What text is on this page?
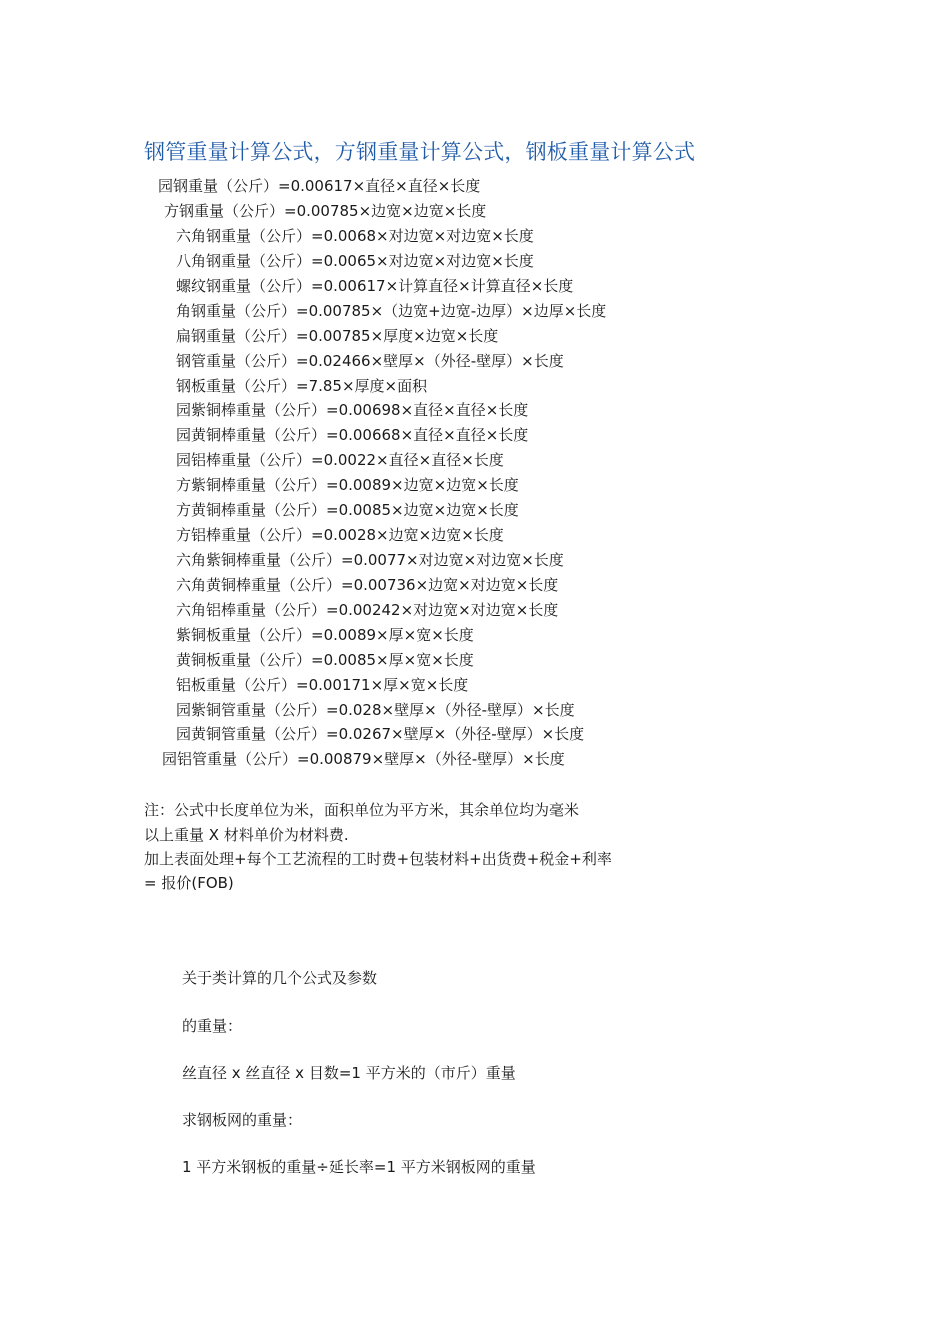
钢管重量计算公式，方钢重量计算公式，钢板重量计算公式
园钢重量（公斤）=0.00617×直径×直径×长度
方钢重量（公斤）=0.00785×边宽×边宽×长度
六角钢重量（公斤）=0.0068×对边宽×对边宽×长度
八角钢重量（公斤）=0.0065×对边宽×对边宽×长度
螺纹钢重量（公斤）=0.00617×计算直径×计算直径×长度
角钢重量（公斤）=0.00785×（边宽+边宽-边厚）×边厚×长度
扁钢重量（公斤）=0.00785×厚度×边宽×长度
钢管重量（公斤）=0.02466×壁厚×（外径-壁厚）×长度
钢板重量（公斤）=7.85×厚度×面积
园紫铜棒重量（公斤）=0.00698×直径×直径×长度
园黄铜棒重量（公斤）=0.00668×直径×直径×长度
园铝棒重量（公斤）=0.0022×直径×直径×长度
方紫铜棒重量（公斤）=0.0089×边宽×边宽×长度
方黄铜棒重量（公斤）=0.0085×边宽×边宽×长度
方铝棒重量（公斤）=0.0028×边宽×边宽×长度
六角紫铜棒重量（公斤）=0.0077×对边宽×对边宽×长度
六角黄铜棒重量（公斤）=0.00736×边宽×对边宽×长度
六角铝棒重量（公斤）=0.00242×对边宽×对边宽×长度
紫铜板重量（公斤）=0.0089×厚×宽×长度
黄铜板重量（公斤）=0.0085×厚×宽×长度
铝板重量（公斤）=0.00171×厚×宽×长度
园紫铜管重量（公斤）=0.028×壁厚×（外径-壁厚）×长度
园黄铜管重量（公斤）=0.0267×壁厚×（外径-壁厚）×长度
园铝管重量（公斤）=0.00879×壁厚×（外径-壁厚）×长度
注：公式中长度单位为米，面积单位为平方米，其余单位均为毫米
以上重量 X 材料单价为材料费.
加上表面处理+每个工艺流程的工时费+包装材料+出货费+税金+利率
= 报价(FOB)
关于类计算的几个公式及参数
的重量：
丝直径 x 丝直径 x 目数=1 平方米的（市斤）重量
求钢板网的重量：
1 平方米钢板的重量÷延长率=1 平方米钢板网的重量
